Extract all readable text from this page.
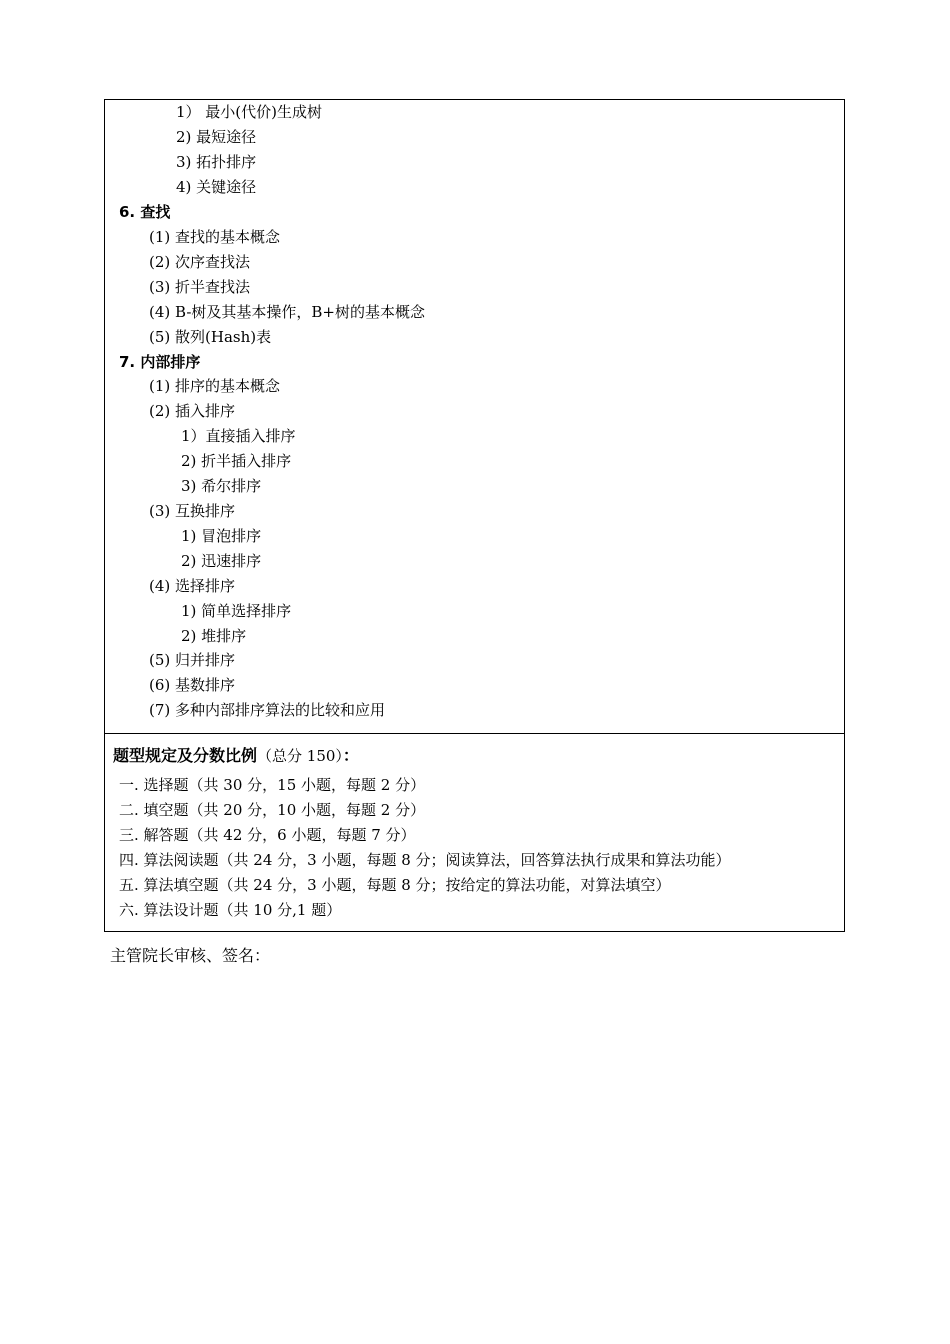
1） 最小(代价)生成树
2) 最短途径
3) 拓扑排序
4) 关键途径
6. 查找
(1) 查找的基本概念
(2) 次序查找法
(3) 折半查找法
(4) B-树及其基本操作，B+树的基本概念
(5) 散列(Hash)表
7. 内部排序
(1) 排序的基本概念
(2) 插入排序
1）直接插入排序
2) 折半插入排序
3) 希尔排序
(3) 互换排序
1) 冒泡排序
2) 迅速排序
(4) 选择排序
1) 简单选择排序
2) 堆排序
(5) 归并排序
(6) 基数排序
(7) 多种内部排序算法的比较和应用
题型规定及分数比例（总分 150）：
一. 选择题（共 30 分，15 小题，每题 2 分）
二. 填空题（共 20 分，10 小题，每题 2 分）
三. 解答题（共 42 分，6 小题，每题 7 分）
四. 算法阅读题（共 24 分，3 小题，每题 8 分；阅读算法，回答算法执行成果和算法功能）
五. 算法填空题（共 24 分，3 小题，每题 8 分；按给定的算法功能，对算法填空）
六. 算法设计题（共 10 分,1 题）
主管院长审核、签名：
